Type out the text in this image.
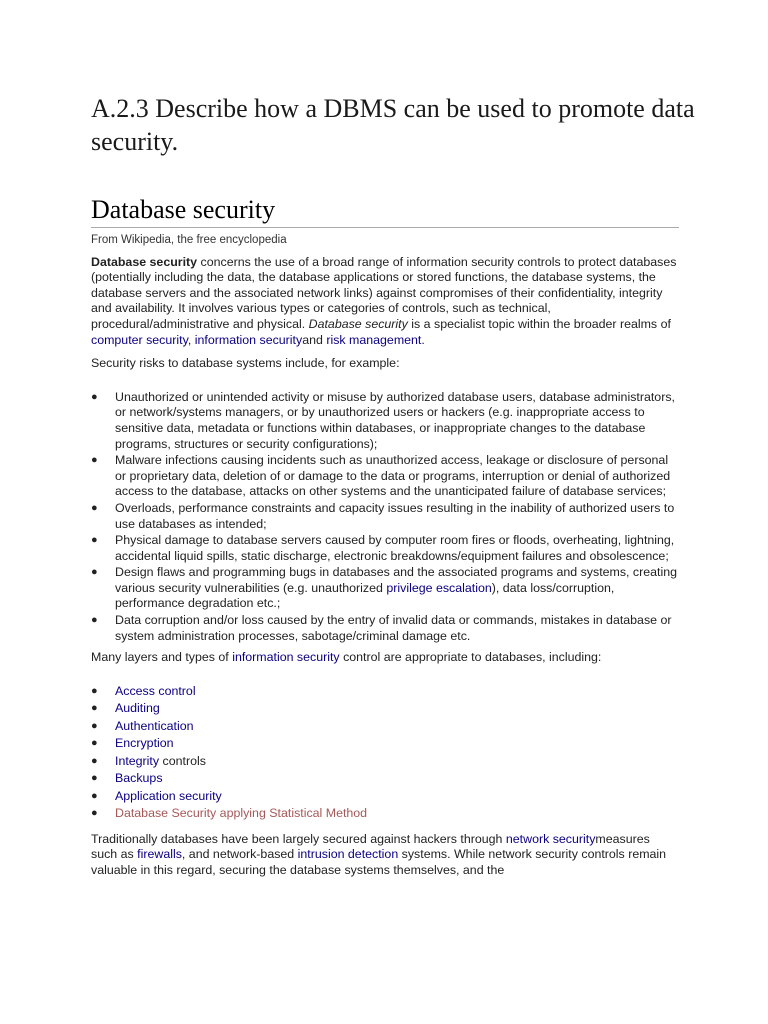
A.2.3 Describe how a DBMS can be used to promote data security.
Database security
From Wikipedia, the free encyclopedia

Database security concerns the use of a broad range of information security controls to protect databases (potentially including the data, the database applications or stored functions, the database systems, the database servers and the associated network links) against compromises of their confidentiality, integrity and availability. It involves various types or categories of controls, such as technical, procedural/administrative and physical. Database security is a specialist topic within the broader realms of computer security, information securityand risk management.

Security risks to database systems include, for example:

● Unauthorized or unintended activity or misuse by authorized database users, database administrators, or network/systems managers, or by unauthorized users or hackers (e.g. inappropriate access to sensitive data, metadata or functions within databases, or inappropriate changes to the database programs, structures or security configurations);
● Malware infections causing incidents such as unauthorized access, leakage or disclosure of personal or proprietary data, deletion of or damage to the data or programs, interruption or denial of authorized access to the database, attacks on other systems and the unanticipated failure of database services;
● Overloads, performance constraints and capacity issues resulting in the inability of authorized users to use databases as intended;
● Physical damage to database servers caused by computer room fires or floods, overheating, lightning, accidental liquid spills, static discharge, electronic breakdowns/equipment failures and obsolescence;
● Design flaws and programming bugs in databases and the associated programs and systems, creating various security vulnerabilities (e.g. unauthorized privilege escalation), data loss/corruption, performance degradation etc.;
● Data corruption and/or loss caused by the entry of invalid data or commands, mistakes in database or system administration processes, sabotage/criminal damage etc.

Many layers and types of information security control are appropriate to databases, including:

● Access control
● Auditing
● Authentication
● Encryption
● Integrity controls
● Backups
● Application security
● Database Security applying Statistical Method

Traditionally databases have been largely secured against hackers through network securitymeasures such as firewalls, and network-based intrusion detection systems. While network security controls remain valuable in this regard, securing the database systems themselves, and the
